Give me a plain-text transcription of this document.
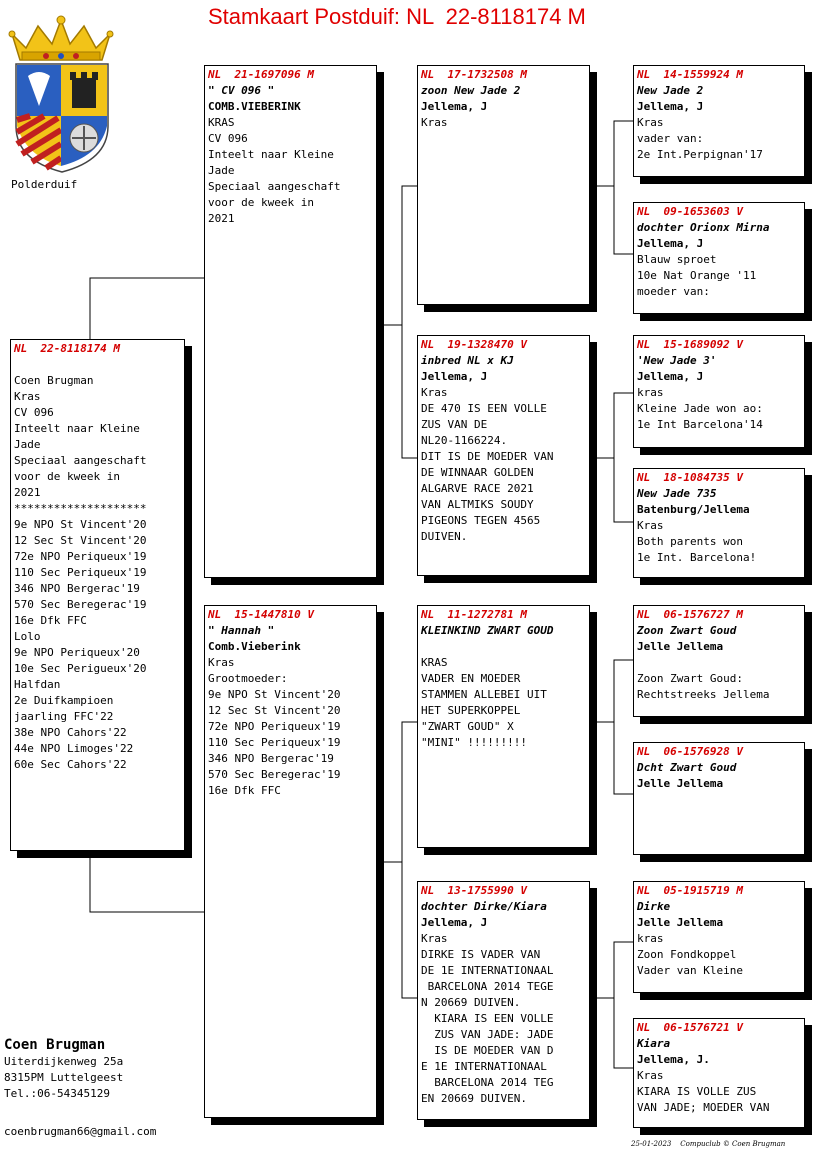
Stamkaart Postduif: NL  22-8118174 M
Polderduif
NL  22-8118174 M

Coen Brugman
Kras
CV 096
Inteelt naar Kleine
Jade
Speciaal aangeschaft
voor de kweek in
2021
********************
9e NPO St Vincent'20
12 Sec St Vincent'20
72e NPO Periqueux'19
110 Sec Periqueux'19
346 NPO Bergerac'19
570 Sec Beregerac'19
16e Dfk FFC
Lolo
9e NPO Periqueux'20
10e Sec Perigueux'20
Halfdan
2e Duifkampioen
jaarling FFC'22
38e NPO Cahors'22
44e NPO Limoges'22
60e Sec Cahors'22
NL  21-1697096 M
" CV 096 "
COMB.VIEBERINK
KRAS
CV 096
Inteelt naar Kleine
Jade
Speciaal aangeschaft
voor de kweek in
2021
NL  15-1447810 V
" Hannah "
Comb.Vieberink
Kras
Grootmoeder:
9e NPO St Vincent'20
12 Sec St Vincent'20
72e NPO Periqueux'19
110 Sec Periqueux'19
346 NPO Bergerac'19
570 Sec Beregerac'19
16e Dfk FFC
NL  17-1732508 M
zoon New Jade 2
Jellema, J
Kras
NL  19-1328470 V
inbred NL x KJ
Jellema, J
Kras
DE 470 IS EEN VOLLE
ZUS VAN DE
NL20-1166224.
DIT IS DE MOEDER VAN
DE WINNAAR GOLDEN
ALGARVE RACE 2021
VAN ALTMIKS SOUDY
PIGEONS TEGEN 4565
DUIVEN.
NL  11-1272781 M
KLEINKIND ZWART GOUD

KRAS
VADER EN MOEDER
STAMMEN ALLEBEI UIT
HET SUPERKOPPEL
"ZWART GOUD" X
"MINI" !!!!!!!!!
NL  13-1755990 V
dochter Dirke/Kiara
Jellema, J
Kras
DIRKE IS VADER VAN
DE 1E INTERNATIONAAL
BARCELONA 2014 TEGE
N 20669 DUIVEN.
KIARA IS EEN VOLLE
ZUS VAN JADE: JADE
IS DE MOEDER VAN D
E 1E INTERNATIONAAL
BARCELONA 2014 TEG
EN 20669 DUIVEN.
NL  14-1559924 M
New Jade 2
Jellema, J
Kras
vader van:
2e Int.Perpignan'17
NL  09-1653603 V
dochter Orionx Mirna
Jellema, J
Blauw sproet
10e Nat Orange '11
moeder van:
NL  15-1689092 V
'New Jade 3'
Jellema, J
kras
Kleine Jade won ao:
1e Int Barcelona'14
NL  18-1084735 V
New Jade 735
Batenburg/Jellema
Kras
Both parents won
1e Int. Barcelona!
NL  06-1576727 M
Zoon Zwart Goud
Jelle Jellema

Zoon Zwart Goud:
Rechtstreeks Jellema
NL  06-1576928 V
Dcht Zwart Goud
Jelle Jellema
NL  05-1915719 M
Dirke
Jelle Jellema
kras
Zoon Fondkoppel
Vader van Kleine
NL  06-1576721 V
Kiara
Jellema, J.
Kras
KIARA IS VOLLE ZUS
VAN JADE; MOEDER VAN
Coen Brugman
Uiterdijkenweg 25a
8315PM Luttelgeest
Tel.:06-54345129
coenbrugman66@gmail.com
25-01-2023    Compuclub © Coen Brugman
